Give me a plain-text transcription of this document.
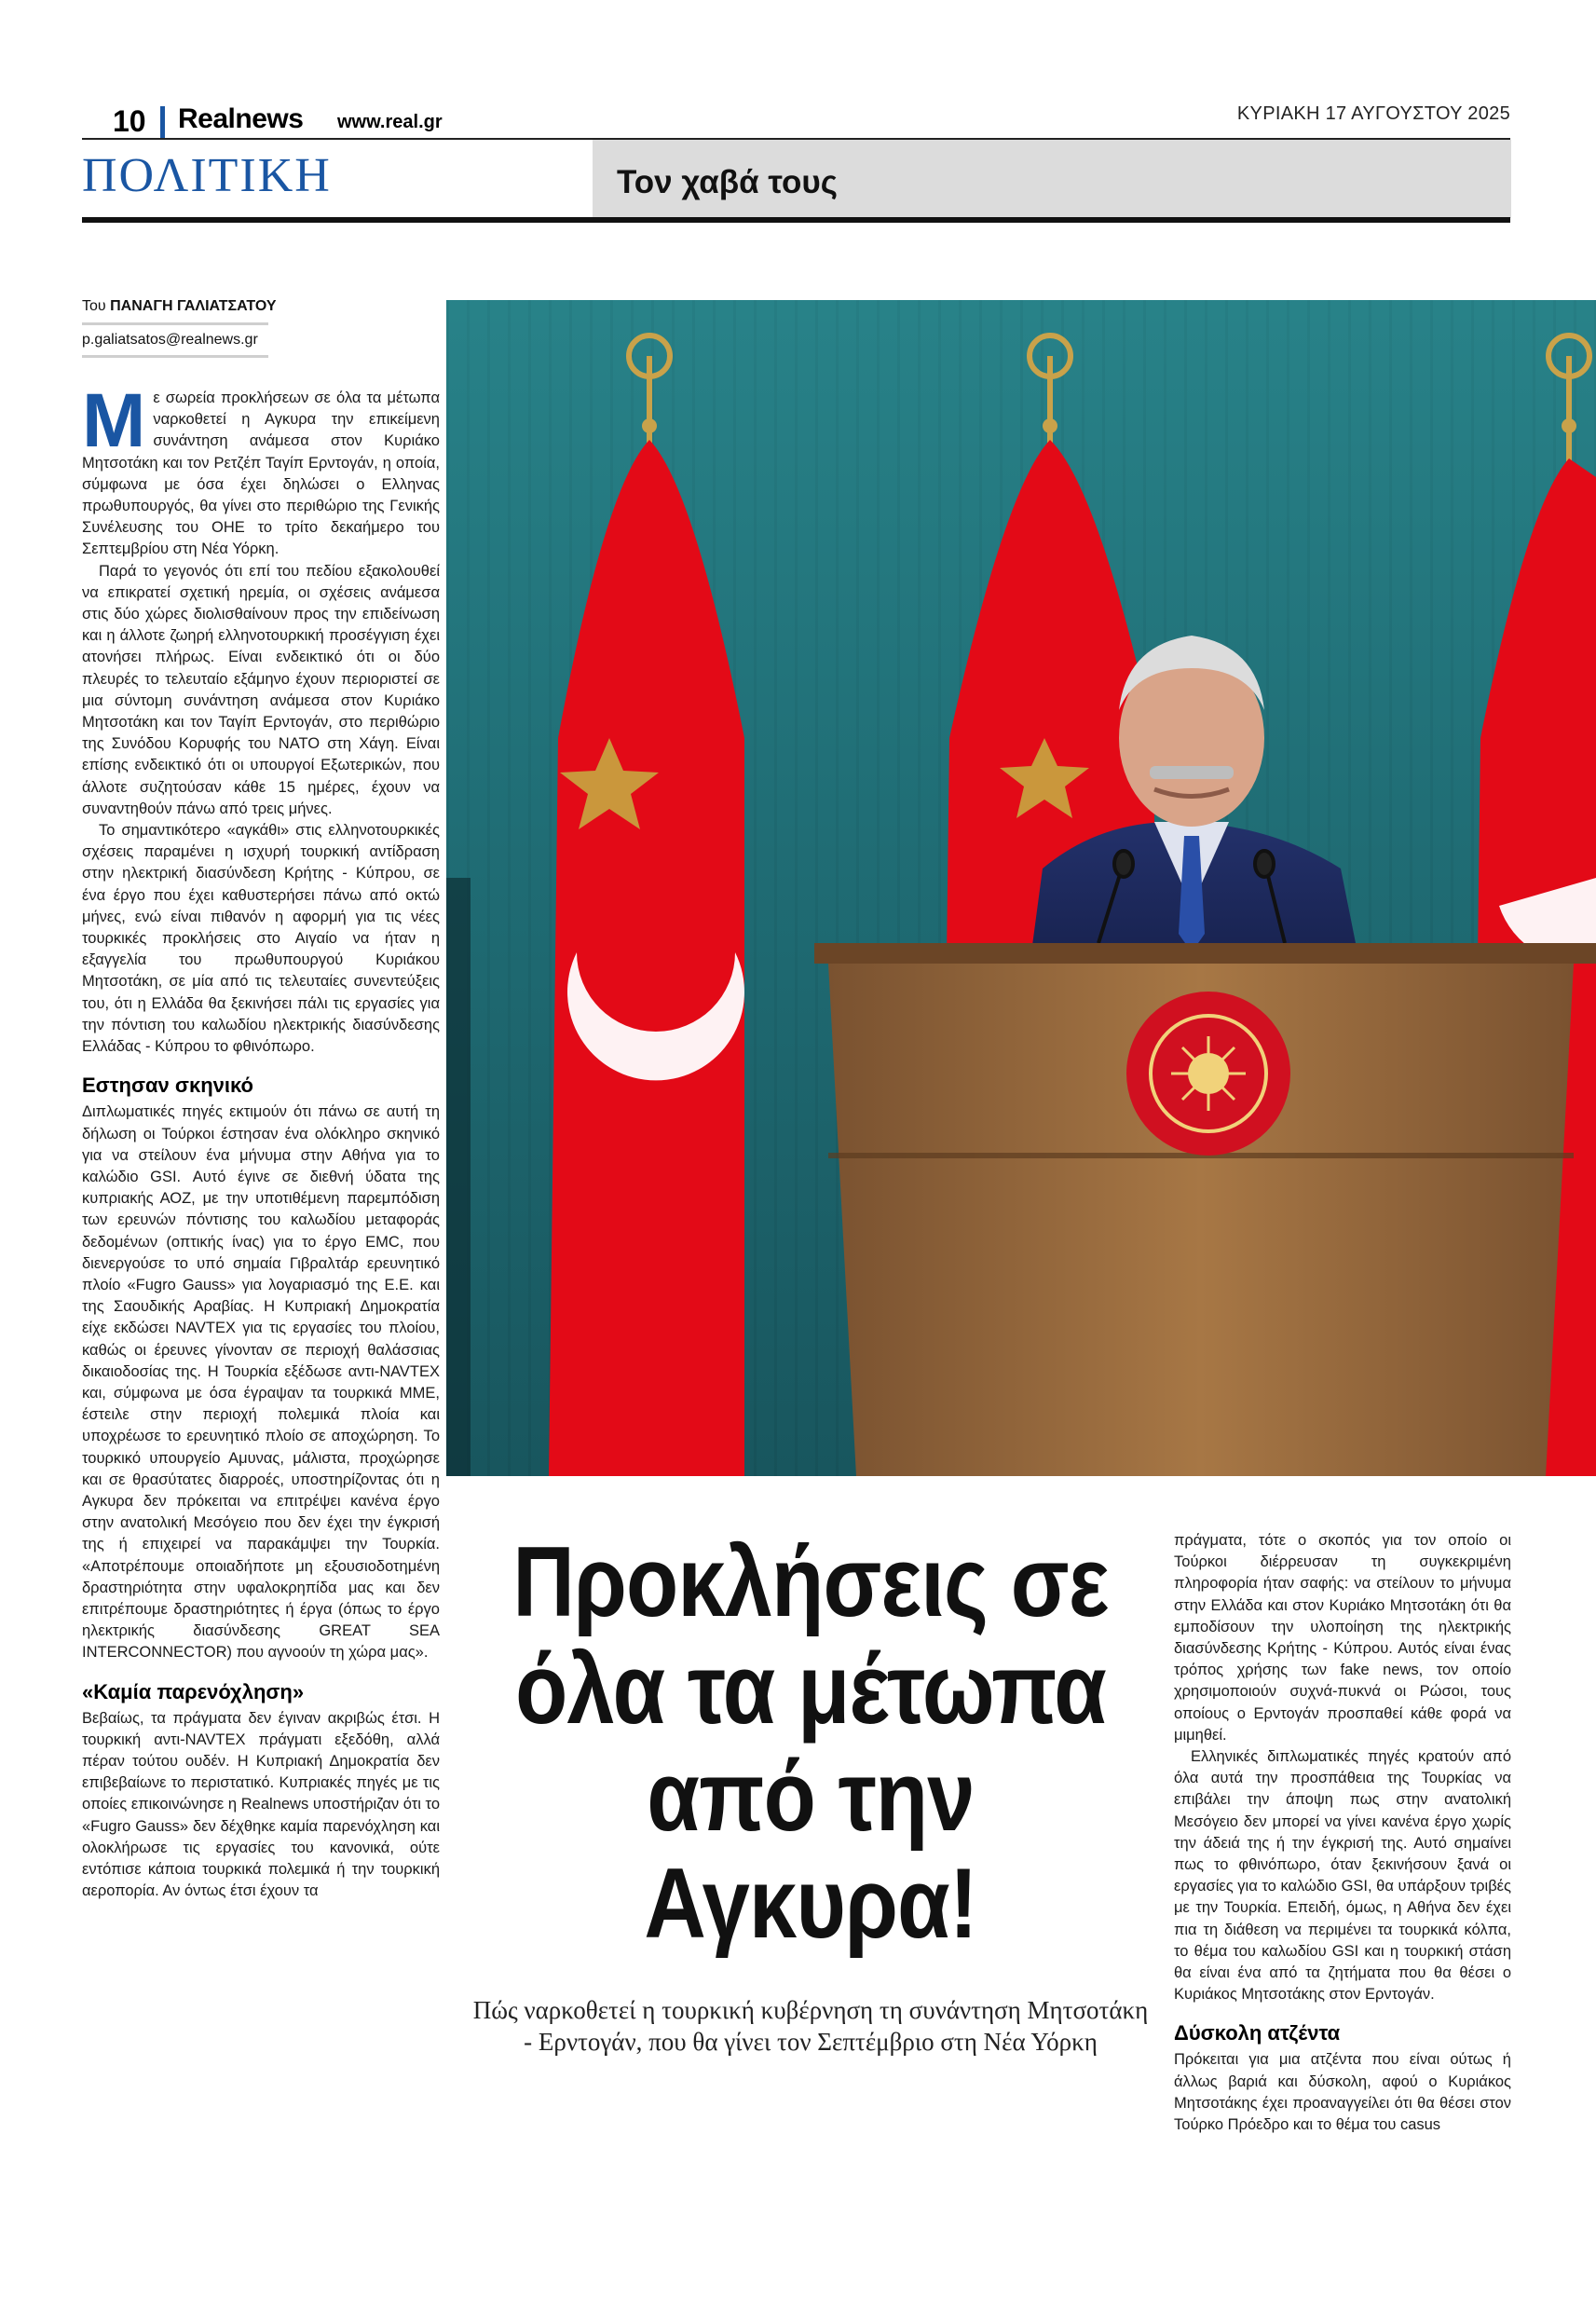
10 Realnews www.real.gr	ΚΥΡΙΑΚΗ 17 ΑΥΓΟΥΣΤΟΥ 2025
ΠΟΛΙΤΙΚΗ	Τον χαβά τους
Του ΠΑΝΑΓΗ ΓΑΛΙΑΤΣΑΤΟΥ
p.galiatsatos@realnews.gr

Με σωρεία προκλήσεων σε όλα τα μέτωπα ναρκοθετεί η Αγκυρα την επικείμενη συνάντηση ανάμεσα στον Κυριάκο Μητσοτάκη και τον Ρετζέπ Ταγίπ Ερντογάν, η οποία, σύμφωνα με όσα έχει δηλώσει ο Ελληνας πρωθυπουργός, θα γίνει στο περιθώριο της Γενικής Συνέλευσης του ΟΗΕ το τρίτο δεκαήμερο του Σεπτεμβρίου στη Νέα Υόρκη.

Παρά το γεγονός ότι επί του πεδίου εξακολουθεί να επικρατεί σχετική ηρεμία, οι σχέσεις ανάμεσα στις δύο χώρες διολισθαίνουν προς την επιδείνωση και η άλλοτε ζωηρή ελληνοτουρκική προσέγγιση έχει ατονήσει πλήρως. Είναι ενδεικτικό ότι οι δύο πλευρές το τελευταίο εξάμηνο έχουν περιοριστεί σε μια σύντομη συνάντηση ανάμεσα στον Κυριάκο Μητσοτάκη και τον Ταγίπ Ερντογάν, στο περιθώριο της Συνόδου Κορυφής του ΝΑΤΟ στη Χάγη. Είναι επίσης ενδεικτικό ότι οι υπουργοί Εξωτερικών, που άλλοτε συζητούσαν κάθε 15 ημέρες, έχουν να συναντηθούν πάνω από τρεις μήνες.

Το σημαντικότερο «αγκάθι» στις ελληνοτουρκικές σχέσεις παραμένει η ισχυρή τουρκική αντίδραση στην ηλεκτρική διασύνδεση Κρήτης - Κύπρου, σε ένα έργο που έχει καθυστερήσει πάνω από οκτώ μήνες, ενώ είναι πιθανόν η αφορμή για τις νέες τουρκικές προκλήσεις στο Αιγαίο να ήταν η εξαγγελία του πρωθυπουργού Κυριάκου Μητσοτάκη, σε μία από τις τελευταίες συνεντεύξεις του, ότι η Ελλάδα θα ξεκινήσει πάλι τις εργασίες για την πόντιση του καλωδίου ηλεκτρικής διασύνδεσης Ελλάδας - Κύπρου το φθινόπωρο.

Εστησαν σκηνικό

Διπλωματικές πηγές εκτιμούν ότι πάνω σε αυτή τη δήλωση οι Τούρκοι έστησαν ένα ολόκληρο σκηνικό για να στείλουν ένα μήνυμα στην Αθήνα για το καλώδιο GSI. Αυτό έγινε σε διεθνή ύδατα της κυπριακής ΑΟΖ, με την υποτιθέμενη παρεμπόδιση των ερευνών πόντισης του καλωδίου μεταφοράς δεδομένων (οπτικής ίνας) για το έργο EMC, που διενεργούσε το υπό σημαία Γιβραλτάρ ερευνητικό πλοίο «Fugro Gauss» για λογαριασμό της Ε.Ε. και της Σαουδικής Αραβίας. Η Κυπριακή Δημοκρατία είχε εκδώσει NAVTEX για τις εργασίες του πλοίου, καθώς οι έρευνες γίνονταν σε περιοχή θαλάσσιας δικαιοδοσίας της. Η Τουρκία εξέδωσε αντι-NAVTEX και, σύμφωνα με όσα έγραψαν τα τουρκικά ΜΜΕ, έστειλε στην περιοχή πολεμικά πλοία και υποχρέωσε το ερευνητικό πλοίο σε αποχώρηση. Το τουρκικό υπουργείο Αμυνας, μάλιστα, προχώρησε και σε θρασύτατες διαρροές, υποστηρίζοντας ότι η Αγκυρα δεν πρόκειται να επιτρέψει κανένα έργο στην ανατολική Μεσόγειο που δεν έχει την έγκρισή της ή επιχειρεί να παρακάμψει την Τουρκία. «Αποτρέπουμε οποιαδήποτε μη εξουσιοδοτημένη δραστηριότητα στην υφαλοκρηπίδα μας και δεν επιτρέπουμε δραστηριότητες ή έργα (όπως το έργο ηλεκτρικής διασύνδεσης GREAT SEA INTERCONNECTOR) που αγνοούν τη χώρα μας».

«Καμία παρενόχληση»

Βεβαίως, τα πράγματα δεν έγιναν ακριβώς έτσι. Η τουρκική αντι-NAVTEX πράγματι εξεδόθη, αλλά πέραν τούτου ουδέν. Η Κυπριακή Δημοκρατία δεν επιβεβαίωνε το περιστατικό. Κυπριακές πηγές με τις οποίες επικοινώνησε η Realnews υποστήριζαν ότι το «Fugro Gauss» δεν δέχθηκε καμία παρενόχληση και ολοκλήρωσε τις εργασίες του κανονικά, ούτε εντόπισε κάποια τουρκικά πολεμικά ή την τουρκική αεροπορία. Αν όντως έτσι έχουν τα

Προκλήσεις σε όλα τα μέτωπα από την Αγκυρα!
Πώς ναρκοθετεί η τουρκική κυβέρνηση τη συνάντηση Μητσοτάκη - Ερντογάν, που θα γίνει τον Σεπτέμβριο στη Νέα Υόρκη

πράγματα, τότε ο σκοπός για τον οποίο οι Τούρκοι διέρρευσαν τη συγκεκριμένη πληροφορία ήταν σαφής: να στείλουν το μήνυμα στην Ελλάδα και στον Κυριάκο Μητσοτάκη ότι θα εμποδίσουν την υλοποίηση της ηλεκτρικής διασύνδεσης Κρήτης - Κύπρου. Αυτός είναι ένας τρόπος χρήσης των fake news, τον οποίο χρησιμοποιούν συχνά-πυκνά οι Ρώσοι, τους οποίους ο Ερντογάν προσπαθεί κάθε φορά να μιμηθεί.

Ελληνικές διπλωματικές πηγές κρατούν από όλα αυτά την προσπάθεια της Τουρκίας να επιβάλει την άποψη πως στην ανατολική Μεσόγειο δεν μπορεί να γίνει κανένα έργο χωρίς την άδειά της ή την έγκρισή της. Αυτό σημαίνει πως το φθινόπωρο, όταν ξεκινήσουν ξανά οι εργασίες για το καλώδιο GSI, θα υπάρξουν τριβές με την Τουρκία. Επειδή, όμως, η Αθήνα δεν έχει πια τη διάθεση να περιμένει τα τουρκικά κόλπα, το θέμα του καλωδίου GSI και η τουρκική στάση θα είναι ένα από τα ζητήματα που θα θέσει ο Κυριάκος Μητσοτάκης στον Ερντογάν.

Δύσκολη ατζέντα

Πρόκειται για μια ατζέντα που είναι ούτως ή άλλως βαριά και δύσκολη, αφού ο Κυριάκος Μητσοτάκης έχει προαναγγείλει ότι θα θέσει στον Τούρκο Πρόεδρο και το θέμα του casus
